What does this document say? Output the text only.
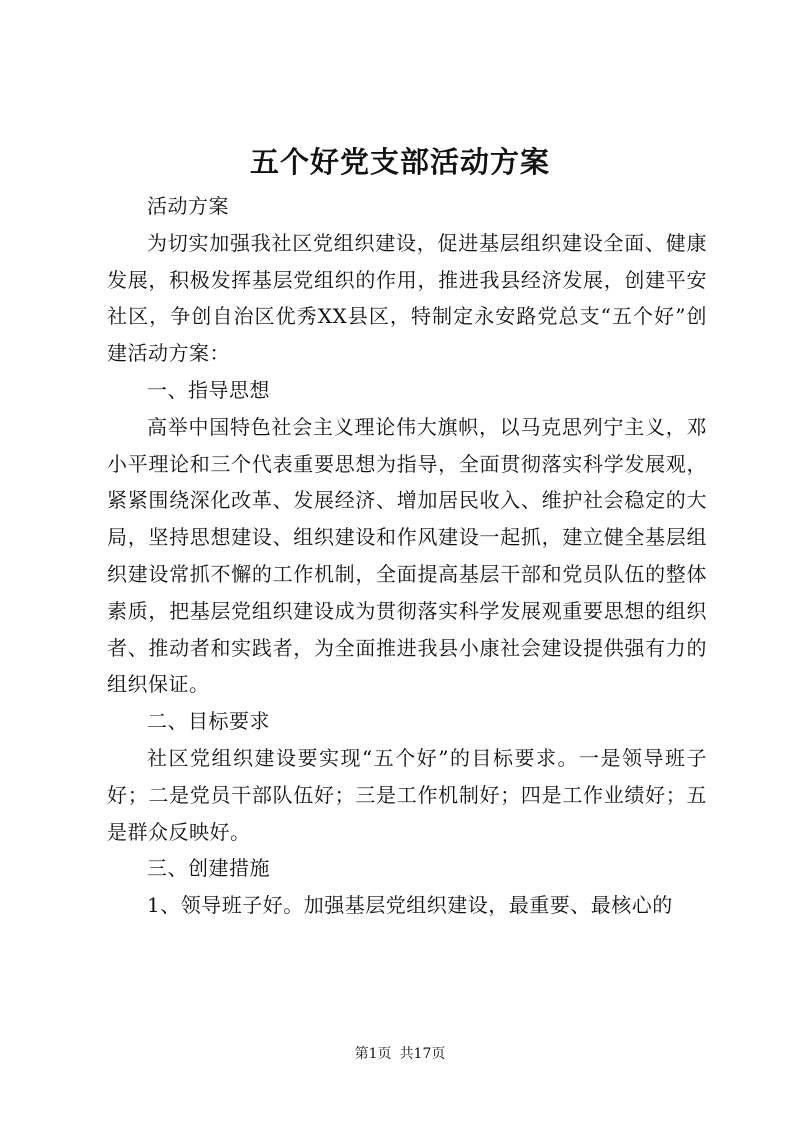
五个好党支部活动方案

活动方案

为切实加强我社区党组织建设，促进基层组织建设全面、健康发展，积极发挥基层党组织的作用，推进我县经济发展，创建平安社区，争创自治区优秀XX县区，特制定永安路党总支“五个好”创建活动方案：

一、指导思想

高举中国特色社会主义理论伟大旗帜，以马克思列宁主义，邓小平理论和三个代表重要思想为指导，全面贯彻落实科学发展观，紧紧围绕深化改革、发展经济、增加居民收入、维护社会稳定的大局，坚持思想建设、组织建设和作风建设一起抓，建立健全基层组织建设常抓不懈的工作机制，全面提高基层干部和党员队伍的整体素质，把基层党组织建设成为贯彻落实科学发展观重要思想的组织者、推动者和实践者，为全面推进我县小康社会建设提供强有力的组织保证。

二、目标要求

社区党组织建设要实现“五个好”的目标要求。一是领导班子好；二是党员干部队伍好；三是工作机制好；四是工作业绩好；五是群众反映好。

三、创建措施

1、领导班子好。加强基层党组织建设，最重要、最核心的

第1页 共17页
